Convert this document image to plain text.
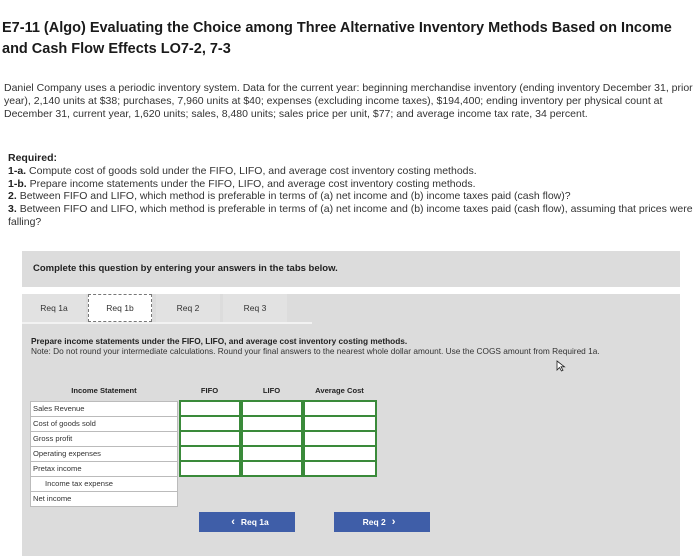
E7-11 (Algo) Evaluating the Choice among Three Alternative Inventory Methods Based on Income and Cash Flow Effects LO7-2, 7-3
Daniel Company uses a periodic inventory system. Data for the current year: beginning merchandise inventory (ending inventory December 31, prior year), 2,140 units at $38; purchases, 7,960 units at $40; expenses (excluding income taxes), $194,400; ending inventory per physical count at December 31, current year, 1,620 units; sales, 8,480 units; sales price per unit, $77; and average income tax rate, 34 percent.
Required:
1-a. Compute cost of goods sold under the FIFO, LIFO, and average cost inventory costing methods.
1-b. Prepare income statements under the FIFO, LIFO, and average cost inventory costing methods.
2. Between FIFO and LIFO, which method is preferable in terms of (a) net income and (b) income taxes paid (cash flow)?
3. Between FIFO and LIFO, which method is preferable in terms of (a) net income and (b) income taxes paid (cash flow), assuming that prices were falling?
Complete this question by entering your answers in the tabs below.
Req 1a	Req 1b	Req 2	Req 3
Prepare income statements under the FIFO, LIFO, and average cost inventory costing methods.
Note: Do not round your intermediate calculations. Round your final answers to the nearest whole dollar amount. Use the COGS amount from Required 1a.
Income Statement		FIFO		LIFO		Average Cost
Sales Revenue						
Cost of goods sold						
Gross profit						
Operating expenses						
Pretax income						
Income tax expense						
Net income						
‹ Req 1a	Req 2 ›
